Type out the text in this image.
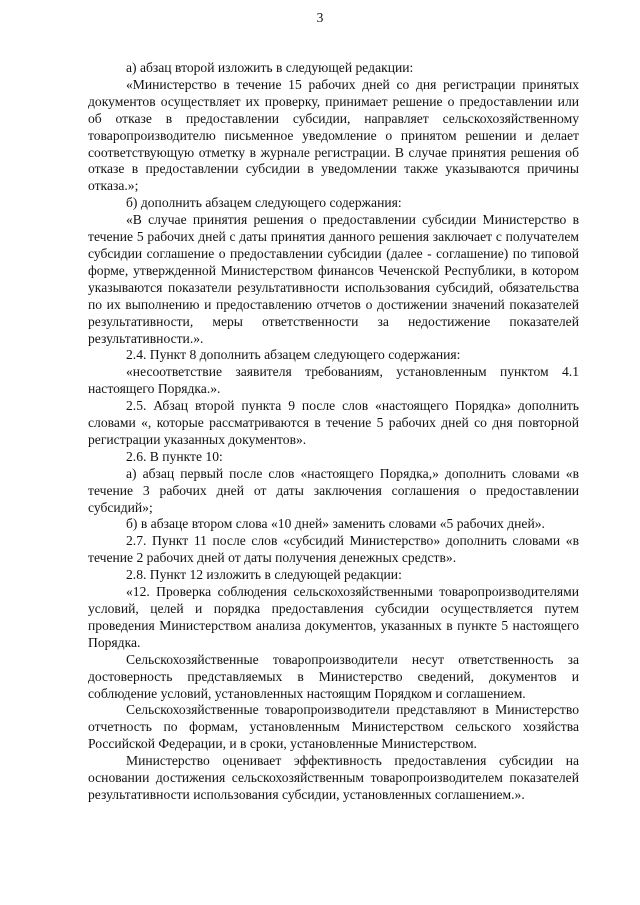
3

а) абзац второй изложить в следующей редакции:

«Министерство в течение 15 рабочих дней со дня регистрации принятых документов осуществляет их проверку, принимает решение о предоставлении или об отказе в предоставлении субсидии, направляет сельскохозяйственному товаропроизводителю письменное уведомление о принятом решении и делает соответствующую отметку в журнале регистрации. В случае принятия решения об отказе в предоставлении субсидии в уведомлении также указываются причины отказа.»;

б) дополнить абзацем следующего содержания:

«В случае принятия решения о предоставлении субсидии Министерство в течение 5 рабочих дней с даты принятия данного решения заключает с получателем субсидии соглашение о предоставлении субсидии (далее - соглашение) по типовой форме, утвержденной Министерством финансов Чеченской Республики, в котором указываются показатели результативности использования субсидий, обязательства по их выполнению и предоставлению отчетов о достижении значений показателей результативности, меры ответственности за недостижение показателей результативности.».

2.4. Пункт 8 дополнить абзацем следующего содержания:

«несоответствие заявителя требованиям, установленным пунктом 4.1 настоящего Порядка.».

2.5. Абзац второй пункта 9 после слов «настоящего Порядка» дополнить словами «, которые рассматриваются в течение 5 рабочих дней со дня повторной регистрации указанных документов».

2.6. В пункте 10:

а) абзац первый после слов «настоящего Порядка,» дополнить словами «в течение 3 рабочих дней от даты заключения соглашения о предоставлении субсидий»;

б) в абзаце втором слова «10 дней» заменить словами «5 рабочих дней».

2.7. Пункт 11 после слов «субсидий Министерство» дополнить словами «в течение 2 рабочих дней от даты получения денежных средств».

2.8. Пункт 12 изложить в следующей редакции:

«12. Проверка соблюдения сельскохозяйственными товаропроизводителями условий, целей и порядка предоставления субсидии осуществляется путем проведения Министерством анализа документов, указанных в пункте 5 настоящего Порядка.

Сельскохозяйственные товаропроизводители несут ответственность за достоверность представляемых в Министерство сведений, документов и соблюдение условий, установленных настоящим Порядком и соглашением.

Сельскохозяйственные товаропроизводители представляют в Министерство отчетность по формам, установленным Министерством сельского хозяйства Российской Федерации, и в сроки, установленные Министерством.

Министерство оценивает эффективность предоставления субсидии на основании достижения сельскохозяйственным товаропроизводителем показателей результативности использования субсидии, установленных соглашением.».
